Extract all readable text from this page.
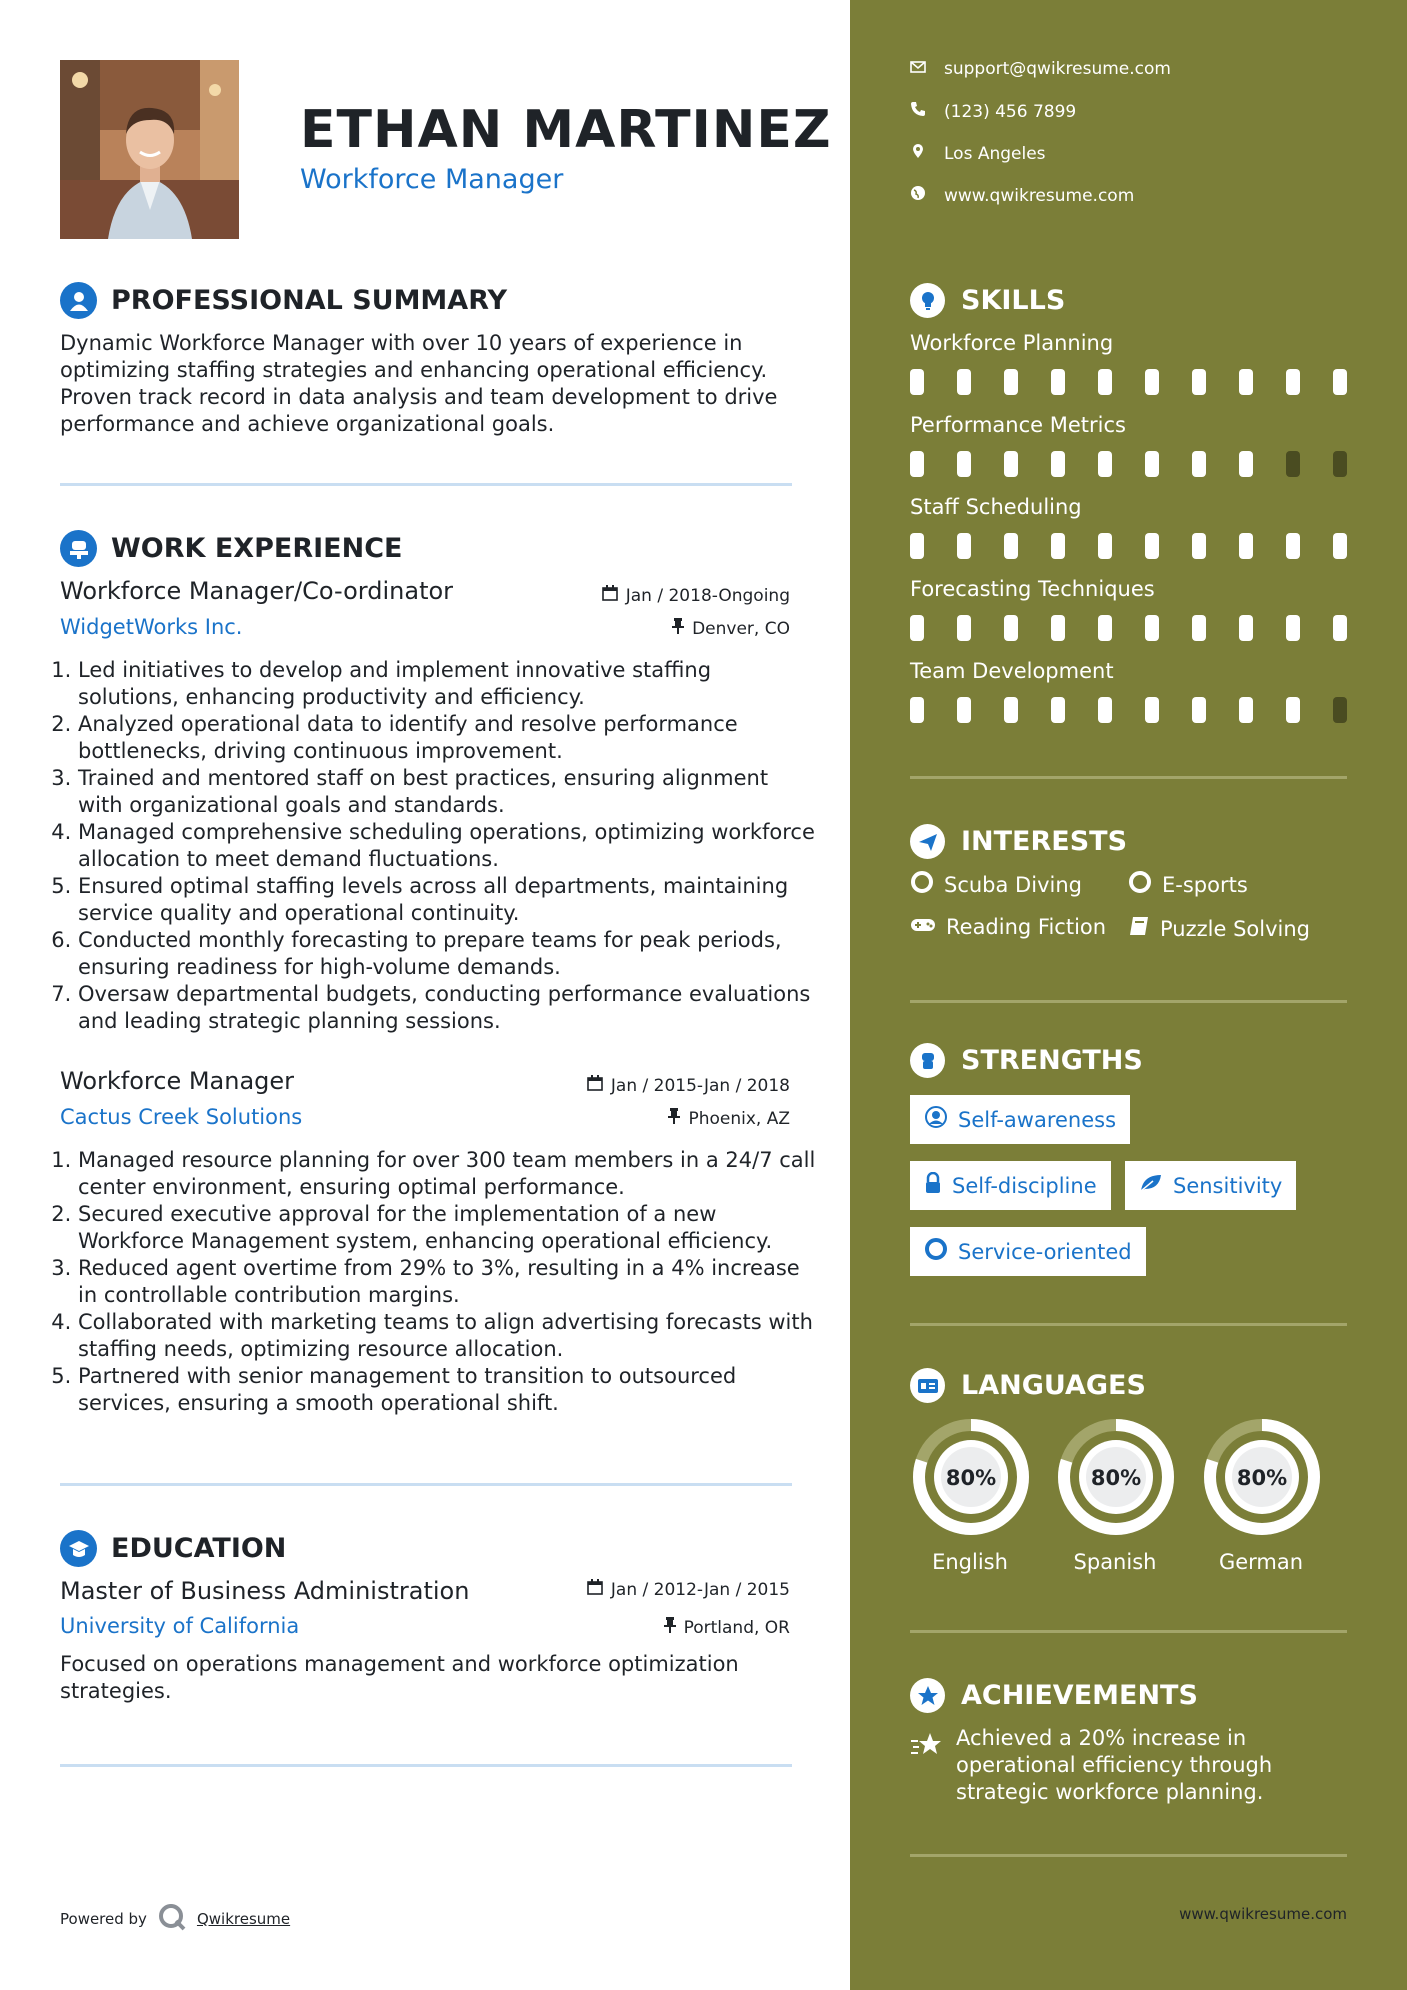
ETHAN MARTINEZ
Workforce Manager
PROFESSIONAL SUMMARY
Dynamic Workforce Manager with over 10 years of experience in optimizing staffing strategies and enhancing operational efficiency. Proven track record in data analysis and team development to drive performance and achieve organizational goals.
WORK EXPERIENCE
Workforce Manager/Co-ordinator	Jan / 2018-Ongoing
WidgetWorks Inc.	Denver, CO
1. Led initiatives to develop and implement innovative staffing solutions, enhancing productivity and efficiency.
2. Analyzed operational data to identify and resolve performance bottlenecks, driving continuous improvement.
3. Trained and mentored staff on best practices, ensuring alignment with organizational goals and standards.
4. Managed comprehensive scheduling operations, optimizing workforce allocation to meet demand fluctuations.
5. Ensured optimal staffing levels across all departments, maintaining service quality and operational continuity.
6. Conducted monthly forecasting to prepare teams for peak periods, ensuring readiness for high-volume demands.
7. Oversaw departmental budgets, conducting performance evaluations and leading strategic planning sessions.
Workforce Manager	Jan / 2015-Jan / 2018
Cactus Creek Solutions	Phoenix, AZ
1. Managed resource planning for over 300 team members in a 24/7 call center environment, ensuring optimal performance.
2. Secured executive approval for the implementation of a new Workforce Management system, enhancing operational efficiency.
3. Reduced agent overtime from 29% to 3%, resulting in a 4% increase in controllable contribution margins.
4. Collaborated with marketing teams to align advertising forecasts with staffing needs, optimizing resource allocation.
5. Partnered with senior management to transition to outsourced services, ensuring a smooth operational shift.
EDUCATION
Master of Business Administration	Jan / 2012-Jan / 2015
University of California	Portland, OR
Focused on operations management and workforce optimization strategies.
Powered by	Qwikresume
support@qwikresume.com
(123) 456 7899
Los Angeles
www.qwikresume.com
SKILLS
Workforce Planning
Performance Metrics
Staff Scheduling
Forecasting Techniques
Team Development
INTERESTS
Scuba Diving	E-sports
Reading Fiction	Puzzle Solving
STRENGTHS
Self-awareness
Self-discipline	Sensitivity
Service-oriented
LANGUAGES
80%
English
80%
Spanish
80%
German
ACHIEVEMENTS
Achieved a 20% increase in operational efficiency through strategic workforce planning.
www.qwikresume.com
